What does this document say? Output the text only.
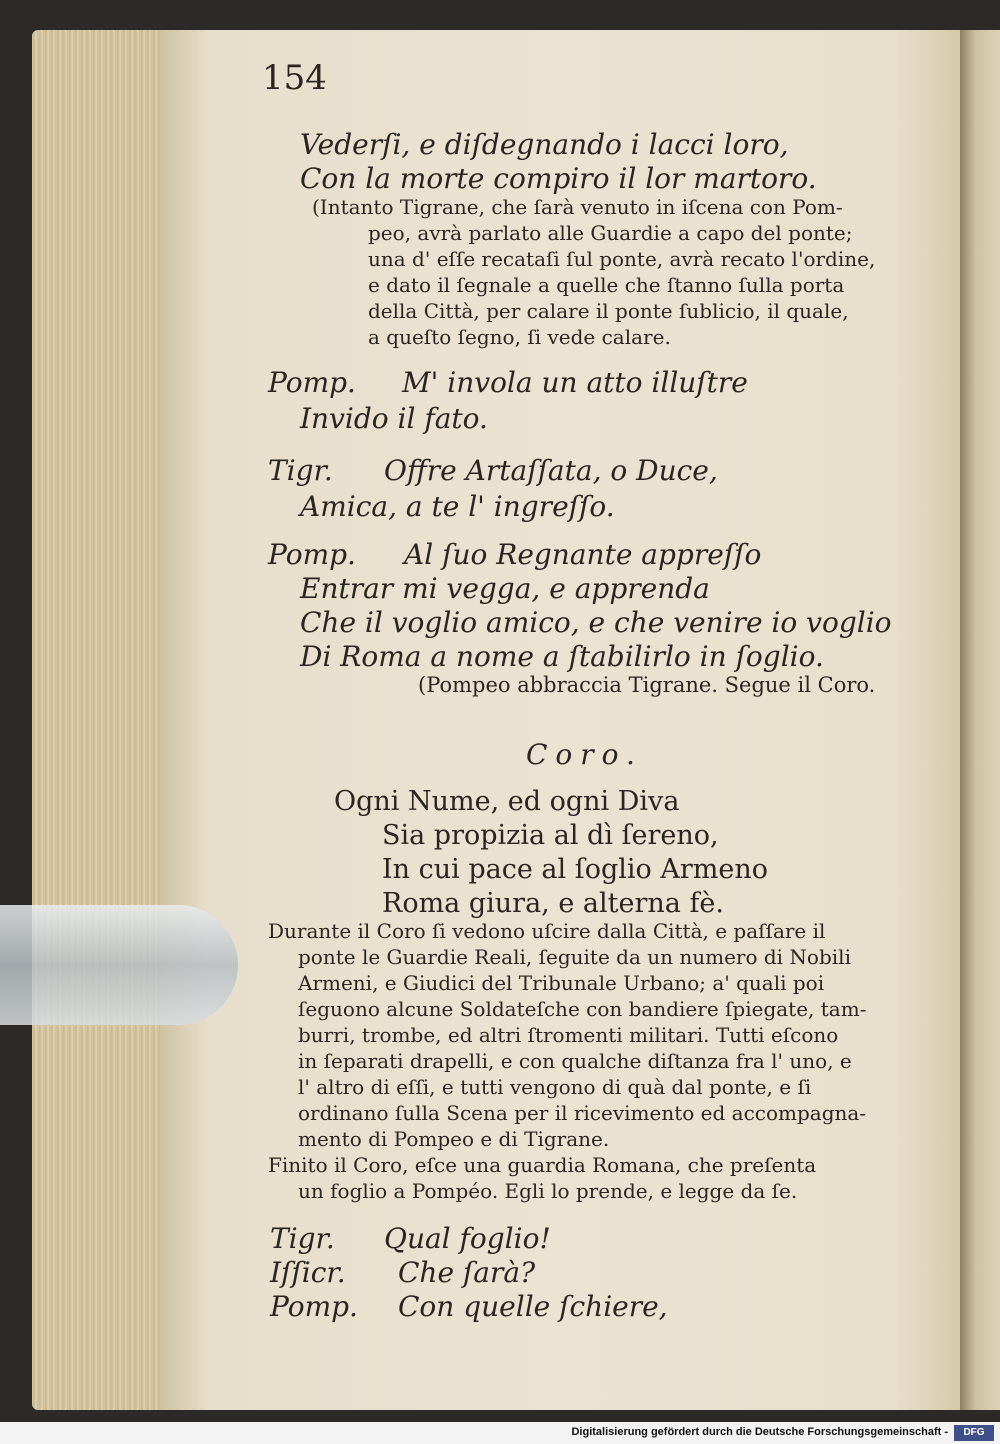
154
Vederſi, e diſdegnando i lacci loro,
Con la morte compiro il lor martoro.
(Intanto Tigrane, che ſarà venuto in iſcena con Pom-
peo, avrà parlato alle Guardie a capo del ponte;
una d' eſſe recataſi ſul ponte, avrà recato l'ordine,
e dato il ſegnale a quelle che ſtanno ſulla porta
della Città, per calare il ponte ſublicio, il quale,
a queſto ſegno, ſi vede calare.
Pomp. M' invola un atto illuſtre
Invido il fato.
Tigr. Offre Artaſſata, o Duce,
Amica, a te l' ingreſſo.
Pomp. Al ſuo Regnante appreſſo
Entrar mi vegga, e apprenda
Che il voglio amico, e che venire io voglio
Di Roma a nome a ſtabilirlo in ſoglio.
(Pompeo abbraccia Tigrane. Segue il Coro.
Coro.
Ogni Nume, ed ogni Diva
Sia propizia al dì ſereno,
In cui pace al ſoglio Armeno
Roma giura, e alterna fè.
Durante il Coro ſi vedono uſcire dalla Città, e paſſare il
ponte le Guardie Reali, ſeguite da un numero di Nobili
Armeni, e Giudici del Tribunale Urbano; a' quali poi
ſeguono alcune Soldateſche con bandiere ſpiegate, tam-
burri, trombe, ed altri ſtromenti militari. Tutti eſcono
in ſeparati drapelli, e con qualche diſtanza fra l' uno, e
l' altro di eſſi, e tutti vengono di quà dal ponte, e ſi
ordinano ſulla Scena per il ricevimento ed accompagna-
mento di Pompeo e di Tigrane.
Finito il Coro, eſce una guardia Romana, che preſenta
un foglio a Pompéo. Egli lo prende, e legge da ſe.
Tigr. Qual foglio!
Iſſicr. Che ſarà?
Pomp. Con quelle ſchiere,
Digitalisierung gefördert durch die Deutsche Forschungsgemeinschaft -	DFG
